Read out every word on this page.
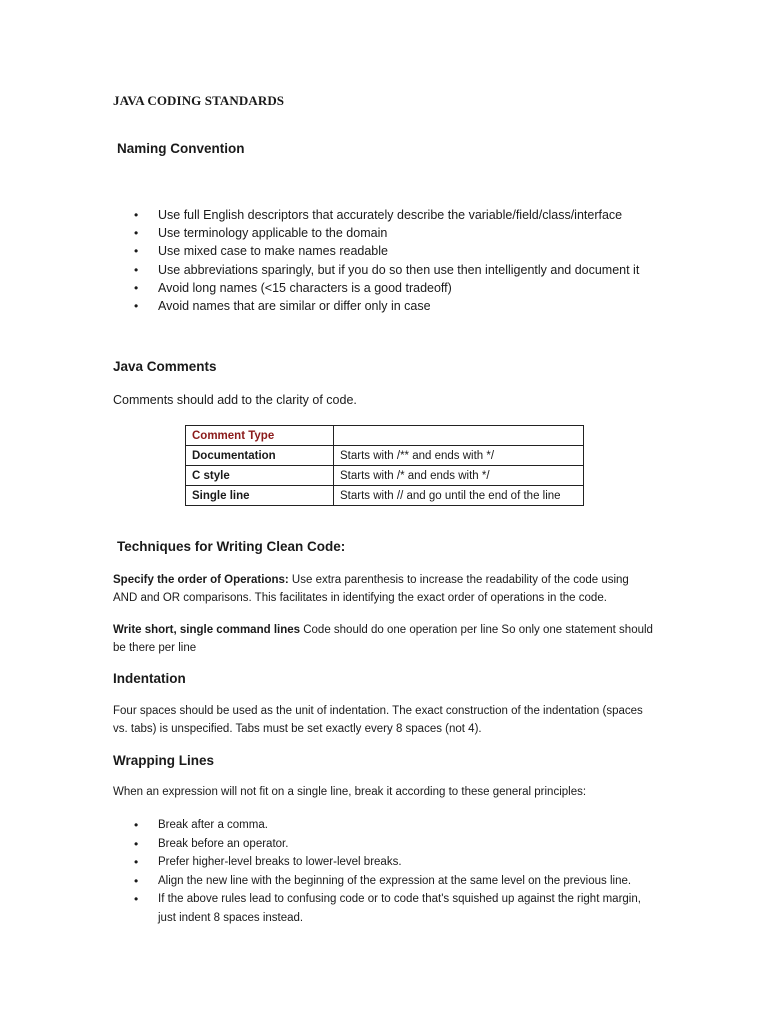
JAVA CODING STANDARDS
Naming Convention
• Use full English descriptors that accurately describe the variable/field/class/interface
• Use terminology applicable to the domain
• Use mixed case to make names readable
• Use abbreviations sparingly, but if you do so then use then intelligently and document it
• Avoid long names (<15 characters is a good tradeoff)
• Avoid names that are similar or differ only in case
Java Comments
Comments should add to the clarity of code.
Comment Type	
Documentation	Starts with /** and ends with */
C style	Starts with /* and ends with */
Single line	Starts with // and go until the end of the line
Techniques for Writing Clean Code:
Specify the order of Operations: Use extra parenthesis to increase the readability of the code using AND and OR comparisons. This facilitates in identifying the exact order of operations in the code.
Write short, single command lines Code should do one operation per line So only one statement should be there per line
Indentation
Four spaces should be used as the unit of indentation. The exact construction of the indentation (spaces vs. tabs) is unspecified. Tabs must be set exactly every 8 spaces (not 4).
Wrapping Lines
When an expression will not fit on a single line, break it according to these general principles:
• Break after a comma.
• Break before an operator.
• Prefer higher-level breaks to lower-level breaks.
• Align the new line with the beginning of the expression at the same level on the previous line.
• If the above rules lead to confusing code or to code that's squished up against the right margin, just indent 8 spaces instead.
